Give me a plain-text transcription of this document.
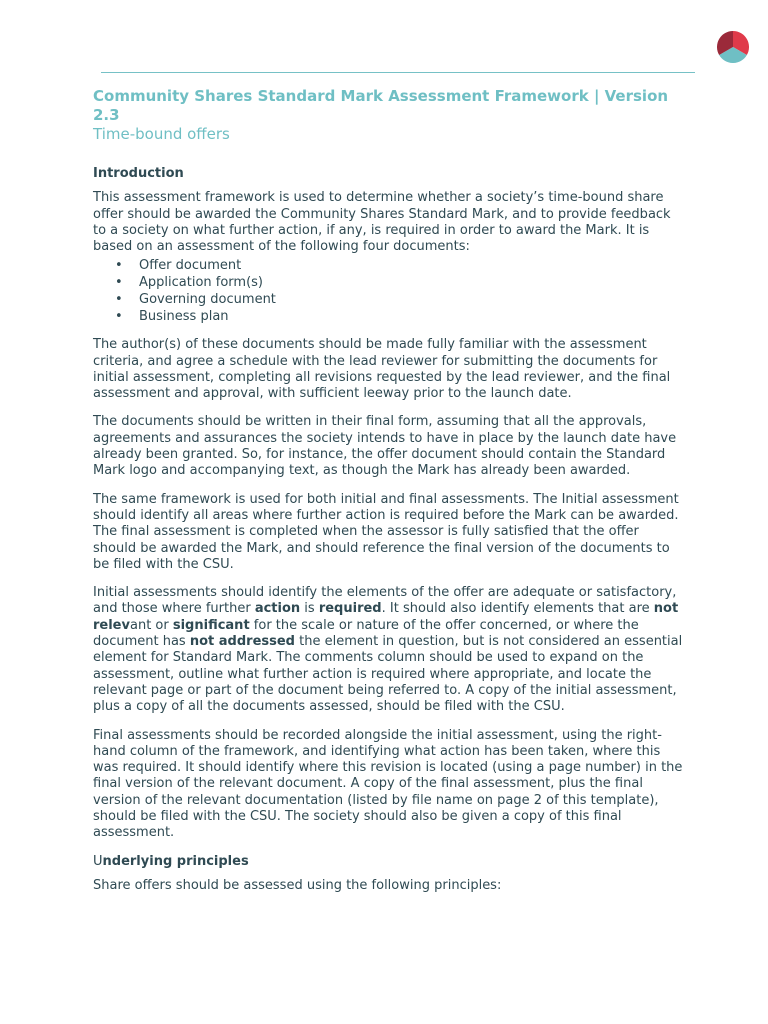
Community Shares Standard Mark Assessment Framework | Version 2.3
Time-bound offers
Introduction

This assessment framework is used to determine whether a society’s time-bound share offer should be awarded the Community Shares Standard Mark, and to provide feedback to a society on what further action, if any, is required in order to award the Mark. It is based on an assessment of the following four documents:

• Offer document
• Application form(s)
• Governing document
• Business plan

The author(s) of these documents should be made fully familiar with the assessment criteria, and agree a schedule with the lead reviewer for submitting the documents for initial assessment, completing all revisions requested by the lead reviewer, and the final assessment and approval, with sufficient leeway prior to the launch date.

The documents should be written in their final form, assuming that all the approvals, agreements and assurances the society intends to have in place by the launch date have already been granted. So, for instance, the offer document should contain the Standard Mark logo and accompanying text, as though the Mark has already been awarded.

The same framework is used for both initial and final assessments. The Initial assessment should identify all areas where further action is required before the Mark can be awarded. The final assessment is completed when the assessor is fully satisfied that the offer should be awarded the Mark, and should reference the final version of the documents to be filed with the CSU.

Initial assessments should identify the elements of the offer are adequate or satisfactory, and those where further action is required. It should also identify elements that are not relevant or significant for the scale or nature of the offer concerned, or where the document has not addressed the element in question, but is not considered an essential element for Standard Mark. The comments column should be used to expand on the assessment, outline what further action is required where appropriate, and locate the relevant page or part of the document being referred to. A copy of the initial assessment, plus a copy of all the documents assessed, should be filed with the CSU.

Final assessments should be recorded alongside the initial assessment, using the right-hand column of the framework, and identifying what action has been taken, where this was required. It should identify where this revision is located (using a page number) in the final version of the relevant document. A copy of the final assessment, plus the final version of the relevant documentation (listed by file name on page 2 of this template), should be filed with the CSU. The society should also be given a copy of this final assessment.

Underlying principles

Share offers should be assessed using the following principles:
